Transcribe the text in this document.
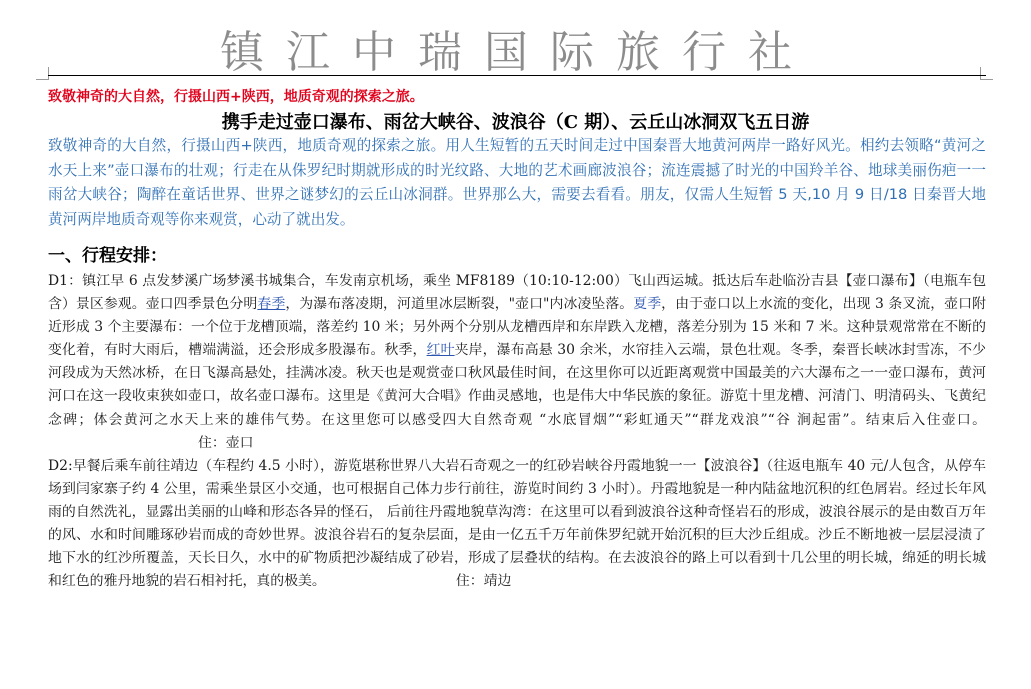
镇江中瑞国际旅行社
致敬神奇的大自然，行摄山西+陕西，地质奇观的探索之旅。
携手走过壶口瀑布、雨岔大峡谷、波浪谷（C 期）、云丘山冰洞双飞五日游
致敬神奇的大自然，行摄山西+陕西，地质奇观的探索之旅。用人生短暂的五天时间走过中国秦晋大地黄河两岸一路好风光。相约去领略“黄河之水天上来”壶口瀑布的壮观；行走在从侏罗纪时期就形成的时光纹路、大地的艺术画廊波浪谷；流连震撼了时光的中国羚羊谷、地球美丽伤疤一一雨岔大峡谷；陶醉在童话世界、世界之谜梦幻的云丘山冰洞群。世界那么大，需要去看看。朋友，仅需人生短暂 5 天,10 月 9 日/18 日秦晋大地黄河两岸地质奇观等你来观赏，心动了就出发。
一、行程安排：

D1：镇江早 6 点发梦溪广场梦溪书城集合，车发南京机场，乘坐 MF8189（10:10-12:00）飞山西运城。抵达后车赴临汾吉县【壶口瀑布】（电瓶车包含）景区参观。壶口四季景色分明春季，为瀑布落凌期，河道里冰层断裂，"壶口"内冰凌坠落。夏季，由于壶口以上水流的变化，出现 3 条叉流，壶口附近形成 3 个主要瀑布：一个位于龙槽顶端，落差约 10 米；另外两个分别从龙槽西岸和东岸跌入龙槽，落差分别为 15 米和 7 米。这种景观常常在不断的变化着，有时大雨后，槽端满溢，还会形成多股瀑布。秋季，红叶夹岸，瀑布高悬 30 余米，水帘挂入云端，景色壮观。冬季，秦晋长峡冰封雪冻，不少河段成为天然冰桥，在日飞瀑高悬处，挂满冰凌。秋天也是观赏壶口秋风最佳时间，在这里你可以近距离观赏中国最美的六大瀑布之一一壶口瀑布，黄河河口在这一段收束狭如壶口，故名壶口瀑布。这里是《黄河大合唱》作曲灵感地，也是伟大中华民族的象征。游览十里龙槽、河清门、明清码头、飞黄纪念碑；体会黄河之水天上来的雄伟气势。在这里您可以感受四大自然奇观 “水底冒烟”“彩虹通天”“群龙戏浪”“谷 涧起雷”。结束后入住壶口。住：壶口

D2:早餐后乘车前往靖边（车程约 4.5 小时），游览堪称世界八大岩石奇观之一的红砂岩峡谷丹霞地貌一一【波浪谷】（往返电瓶车 40 元/人包含，从停车场到闫家寨子约 4 公里，需乘坐景区小交通，也可根据自己体力步行前往，游览时间约 3 小时）。丹霞地貌是一种内陆盆地沉积的红色屑岩。经过长年风雨的自然洗礼，显露出美丽的山峰和形态各异的怪石， 后前往丹霞地貌草沟湾：在这里可以看到波浪谷这种奇怪岩石的形成，波浪谷展示的是由数百万年的风、水和时间雕琢砂岩而成的奇妙世界。波浪谷岩石的复杂层面，是由一亿五千万年前侏罗纪就开始沉积的巨大沙丘组成。沙丘不断地被一层层浸渍了地下水的红沙所覆盖，天长日久，水中的矿物质把沙凝结成了砂岩，形成了层叠状的结构。在去波浪谷的路上可以看到十几公里的明长城，绵延的明长城和红色的雅丹地貌的岩石相衬托，真的极美。	住：靖边
